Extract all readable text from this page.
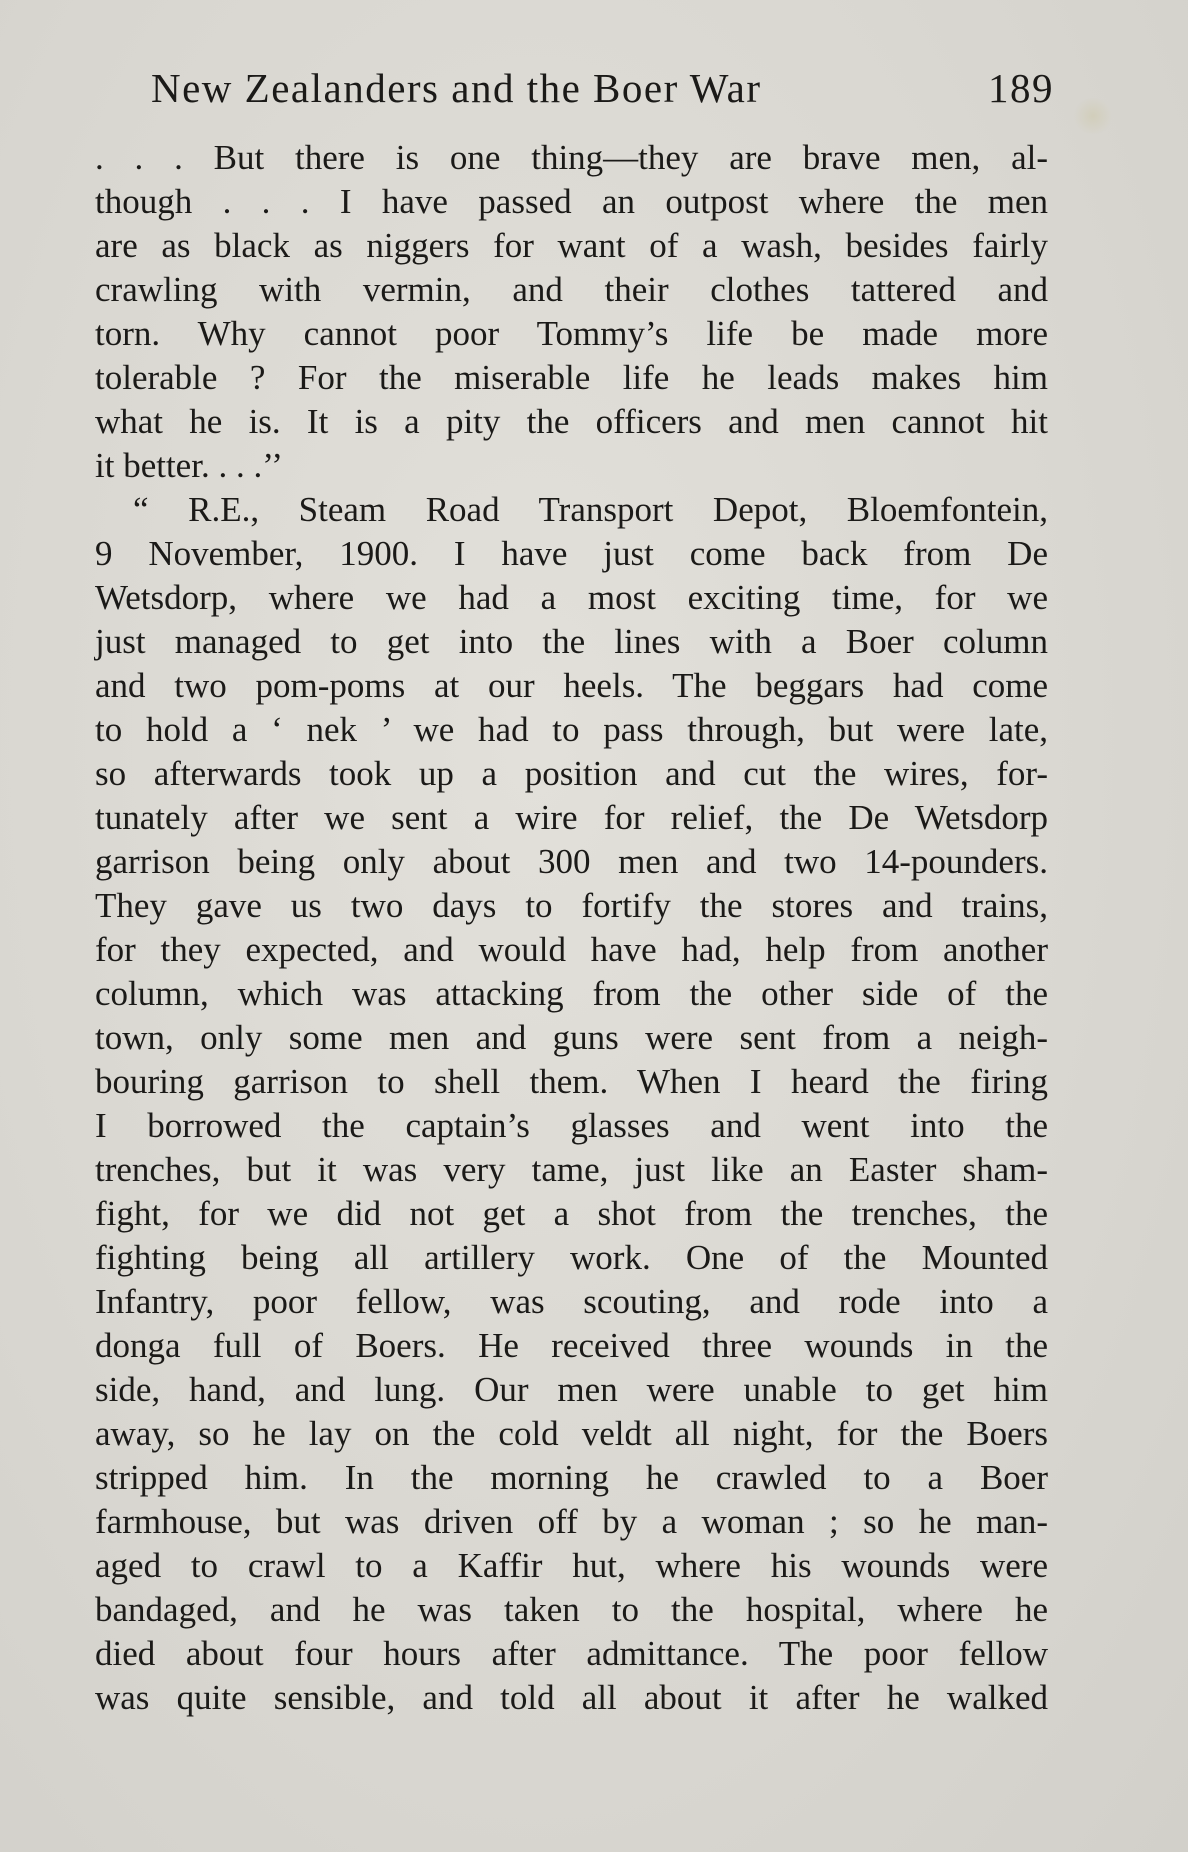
New Zealanders and the Boer War	189
. . . But there is one thing—they are brave men, al-
though . . . I have passed an outpost where the men
are as black as niggers for want of a wash, besides fairly
crawling with vermin, and their clothes tattered and
torn. Why cannot poor Tommy’s life be made more
tolerable ? For the miserable life he leads makes him
what he is. It is a pity the officers and men cannot hit
it better. . . .’’
“ R.E., Steam Road Transport Depot, Bloemfontein,
9 November, 1900. I have just come back from De
Wetsdorp, where we had a most exciting time, for we
just managed to get into the lines with a Boer column
and two pom-poms at our heels. The beggars had come
to hold a ‘ nek ’ we had to pass through, but were late,
so afterwards took up a position and cut the wires, for-
tunately after we sent a wire for relief, the De Wetsdorp
garrison being only about 300 men and two 14-pounders.
They gave us two days to fortify the stores and trains,
for they expected, and would have had, help from another
column, which was attacking from the other side of the
town, only some men and guns were sent from a neigh-
bouring garrison to shell them. When I heard the firing
I borrowed the captain’s glasses and went into the
trenches, but it was very tame, just like an Easter sham-
fight, for we did not get a shot from the trenches, the
fighting being all artillery work. One of the Mounted
Infantry, poor fellow, was scouting, and rode into a
donga full of Boers. He received three wounds in the
side, hand, and lung. Our men were unable to get him
away, so he lay on the cold veldt all night, for the Boers
stripped him. In the morning he crawled to a Boer
farmhouse, but was driven off by a woman ; so he man-
aged to crawl to a Kaffir hut, where his wounds were
bandaged, and he was taken to the hospital, where he
died about four hours after admittance. The poor fellow
was quite sensible, and told all about it after he walked
